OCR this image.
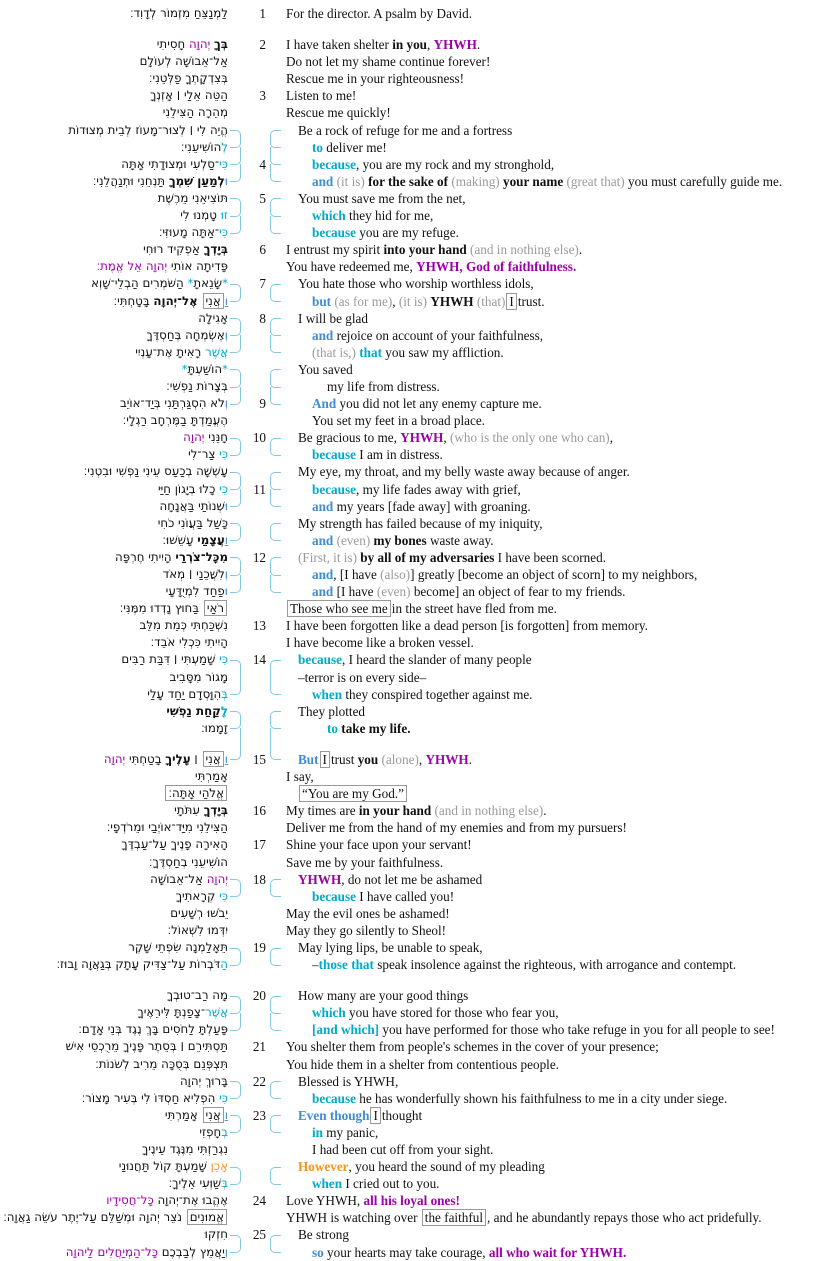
לַמְנַצֵּחַ מִזְמוֹר לְדָוִד׃	1 For the director. A psalm by David.
בְּךָ יְהוָה חָסִיתִי	2 I have taken shelter in you, YHWH.
אַל־אֵבוֹשָׁה לְעוֹלָם	Do not let my shame continue forever!
בְּצִדְקָתְךָ פַלְּטֵנִי׃	Rescue me in your righteousness!
הַטֵּה אֵלַי ׀ אָזְנְךָ	3 Listen to me!
מְהֵרָה הַצִּילֵנִי	Rescue me quickly!
הֱיֵה לִי ׀ לְצוּר־מָעוֹז לְבֵית מְצוּדוֹת	Be a rock of refuge for me and a fortress
לְהוֹשִׁיעֵנִי׃	to deliver me!
כִּי־סַלְעִי וּמְצוּדָתִי אָתָּה	4	because, you are my rock and my stronghold,
וּלְמַעַן שִׁמְךָ תַּנְחֵנִי וּתְנַהֲלֵנִי׃	and (it is) for the sake of (making) your name (great that) you must carefully guide me.
תּוֹצִיאֵנִי מֵרֶשֶׁת	5	You must save me from the net,
זוּ טָמְנוּ לִי	which they hid for me,
כִּי־אַתָּה מָעוּזִּי׃	because you are my refuge.
בְּיָדְךָ אַפְקִיד רוּחִי	6 I entrust my spirit into your hand (and in nothing else).
פָּדִיתָה אוֹתִי יְהוָה אֵל אֱמֶת׃	You have redeemed me, YHWH, God of faithfulness.
*שָׂנֵאתָ* הַשֹּׁמְרִים הַבְלֵי־שָׁוְא	7	You hate those who worship worthless idols,
וַאֲנִי אֶל־יְהוָה בָּטָחְתִּי׃	but (as for me), (it is) YHWH (that) I trust.
אָגִילָה	8	I will be glad
וְאֶשְׂמְחָה בְּחַסְדֶּךָ	and rejoice on account of your faithfulness,
אֲשֶׁר רָאִיתָ אֶת־עָנְיִי	(that is,) that you saw my affliction.
*הוֹשַׁעְתָּ*	You saved
בְּצָרוֹת נַפְשִׁי׃	my life from distress.
וְלֹא הִסְגַּרְתַּנִי בְּיַד־אוֹיֵב	9	And you did not let any enemy capture me.
הֶעֱמַדְתָּ בַמֶּרְחָב רַגְלָי׃	You set my feet in a broad place.
חָנֵּנִי יְהוָה	10	Be gracious to me, YHWH, (who is the only one who can),
כִּי צַר־לִי	because I am in distress.
עָשְׁשָׁה בְכַעַס עֵינִי נַפְשִׁי וּבִטְנִי׃	My eye, my throat, and my belly waste away because of anger.
כִּי כָלוּ בְיָגוֹן חַיַּי	11	because, my life fades away with grief,
וּשְׁנוֹתַי בַּאֲנָחָה	and my years [fade away] with groaning.
כָּשַׁל בַּעֲוֹנִי כֹחִי	My strength has failed because of my iniquity,
וַעֲצָמַי עָשֵׁשׁוּ׃	and (even) my bones waste away.
מִכָּל־צֹרְרַי הָיִיתִי חֶרְפָּה	12	(First, it is) by all of my adversaries I have been scorned.
וְלִשֲׁכֵנַי ׀ מְאֹד	and, [I have (also)] greatly [become an object of scorn] to my neighbors,
וּפַחַד לִמְיֻדָּעָי	and [I have (even) become] an object of fear to my friends.
רֹאַי בַּחוּץ נָדְדוּ מִמֶּנִּי׃	Those who see me in the street have fled from me.
נִשְׁכַּחְתִּי כְּמֵת מִלֵּב	13 I have been forgotten like a dead person [is forgotten] from memory.
הָיִיתִי כִּכְלִי אֹבֵד׃	I have become like a broken vessel.
כִּי שָׁמַעְתִּי ׀ דִּבַּת רַבִּים	14	because, I heard the slander of many people
מָגוֹר מִסָּבִיב	–terror is on every side–
בְּהִוָּסְדָם יַחַד עָלַי	when they conspired together against me.
לָקַחַת נַפְשִׁי	They plotted
זָמָמוּ׃	to take my life.
וַאֲנִי ׀ עָלֶיךָ בָטַחְתִּי יְהוָה	15	But I trust you (alone), YHWH.
אָמַרְתִּי	I say,
אֱלֹהַי אָתָּה׃	“You are my God.”
בְּיָדְךָ עִתֹּתָי	16 My times are in your hand (and in nothing else).
הַצִּילֵנִי מִיַּד־אוֹיְבַי וּמֵרֹדְפָי׃	Deliver me from the hand of my enemies and from my pursuers!
הָאִירָה פָנֶיךָ עַל־עַבְדֶּךָ	17 Shine your face upon your servant!
הוֹשִׁיעֵנִי בְחַסְדֶּךָ׃	Save me by your faithfulness.
יְהוָה אַל־אֵבוֹשָׁה	18	YHWH, do not let me be ashamed
כִּי קְרָאתִיךָ	because I have called you!
יֵבֹשׁוּ רְשָׁעִים	May the evil ones be ashamed!
יִדְּמוּ לִשְׁאוֹל׃	May they go silently to Sheol!
תֵּאָלַמְנָה שִׂפְתֵי שָׁקֶר	19	May lying lips, be unable to speak,
הַדֹּבְרוֹת עַל־צַדִּיק עָתָק בְּגַאֲוָה וָבוּז׃	–those that speak insolence against the righteous, with arrogance and contempt.
מָה רַב־טוּבְךָ	20	How many are your good things
אֲשֶׁר־צָפַנְתָּ לִּירֵאֶיךָ	which you have stored for those who fear you,
פָּעַלְתָּ לַחֹסִים בָּךְ נֶגֶד בְּנֵי אָדָם׃	[and which] you have performed for those who take refuge in you for all people to see!
תַּסְתִּירֵם ׀ בְּסֵתֶר פָּנֶיךָ מֵרֻכְסֵי אִישׁ	21 You shelter them from people's schemes in the cover of your presence;
תִּצְפְּנֵם בְּסֻכָּה מֵרִיב לְשֹׁנוֹת׃	You hide them in a shelter from contentious people.
בָּרוּךְ יְהוָה	22	Blessed is YHWH,
כִּי הִפְלִיא חַסְדּוֹ לִי בְּעִיר מָצוֹר׃	because he has wonderfully shown his faithfulness to me in a city under siege.
וַאֲנִי אָמַרְתִּי	23	Even though I thought
בְחָפְזִי	in my panic,
נִגְרַזְתִּי מִנֶּגֶד עֵינֶיךָ	I had been cut off from your sight.
אָכֵן שָׁמַעְתָּ קוֹל תַּחֲנוּנַי	However, you heard the sound of my pleading
בְּשַׁוְּעִי אֵלֶיךָ׃	when I cried out to you.
אֶהֱבוּ אֶת־יְהוָה כָּל־חֲסִידָיו	24 Love YHWH, all his loyal ones!
אֱמוּנִים נֹצֵר יְהוָה וּמְשַׁלֵּם עַל־יֶתֶר עֹשֵׂה גַאֲוָה׃	YHWH is watching over the faithful , and he abundantly repays those who act pridefully.
חִזְקוּ	25	Be strong
וְיַאֲמֵץ לְבַבְכֶם כָּל־הַמְיַחֲלִים לַיהוָה	so your hearts may take courage, all who wait for YHWH.
